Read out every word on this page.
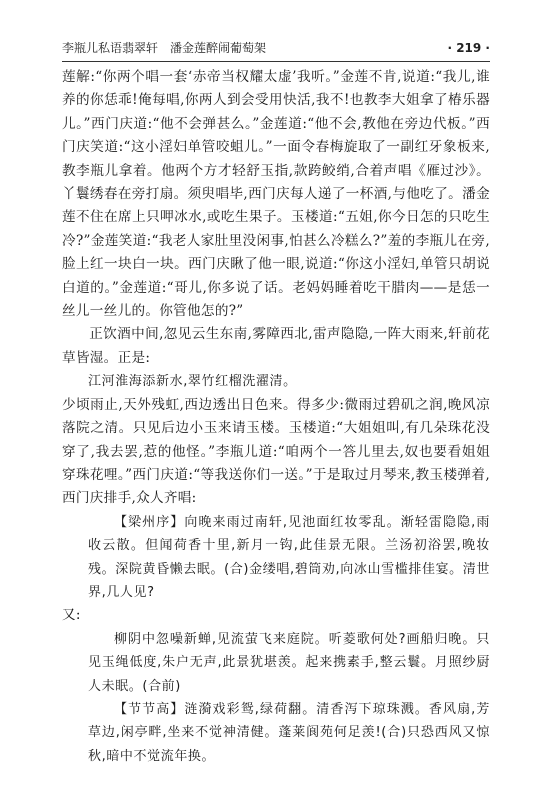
李瓶儿私语翡翠轩　潘金莲醉闹葡萄架	· 219 ·

莲解:“你两个唱一套‘赤帝当权耀太虚’我听。”金莲不肯,说道:“我儿,谁养的你恁乖!俺每唱,你两人到会受用快活,我不!也教李大姐拿了椿乐器儿。”西门庆道:“他不会弹甚么。”金莲道:“他不会,教他在旁边代板。”西门庆笑道:“这小淫妇单管咬蛆儿。”一面令春梅旋取了一副红牙象板来,教李瓶儿拿着。他两个方才轻舒玉指,款跨鲛绡,合着声唱《雁过沙》。丫鬟绣春在旁打扇。须臾唱毕,西门庆每人递了一杯酒,与他吃了。潘金莲不住在席上只呷冰水,或吃生果子。玉楼道:“五姐,你今日怎的只吃生冷?”金莲笑道:“我老人家肚里没闲事,怕甚么冷糕么?”羞的李瓶儿在旁,脸上红一块白一块。西门庆瞅了他一眼,说道:“你这小淫妇,单管只胡说白道的。”金莲道:“哥儿,你多说了话。老妈妈睡着吃干腊肉——是恁一丝儿一丝儿的。你管他怎的?”

正饮酒中间,忽见云生东南,雾障西北,雷声隐隐,一阵大雨来,轩前花草皆湿。正是:

江河淮海添新水,翠竹红榴洗濯清。

少顷雨止,天外残虹,西边透出日色来。得多少:微雨过碧矶之润,晚风凉落院之清。只见后边小玉来请玉楼。玉楼道:“大姐姐叫,有几朵珠花没穿了,我去罢,惹的他怪。”李瓶儿道:“咱两个一答儿里去,奴也要看姐姐穿珠花哩。”西门庆道:“等我送你们一送。”于是取过月琴来,教玉楼弹着,西门庆排手,众人齐唱:

【梁州序】向晚来雨过南轩,见池面红妆零乱。渐轻雷隐隐,雨收云散。但闻荷香十里,新月一钩,此佳景无限。兰汤初浴罢,晚妆残。深院黄昏懒去眠。(合)金缕唱,碧筒劝,向冰山雪槛排佳宴。清世界,几人见?

又:

柳阴中忽噪新蝉,见流萤飞来庭院。听菱歌何处?画船归晚。只见玉绳低度,朱户无声,此景犹堪羡。起来携素手,整云鬟。月照纱厨人未眠。(合前)

【节节高】涟漪戏彩鸳,绿荷翻。清香泻下琼珠溅。香风扇,芳草边,闲亭畔,坐来不觉神清健。蓬莱阆苑何足羡!(合)只恐西风又惊秋,暗中不觉流年换。
